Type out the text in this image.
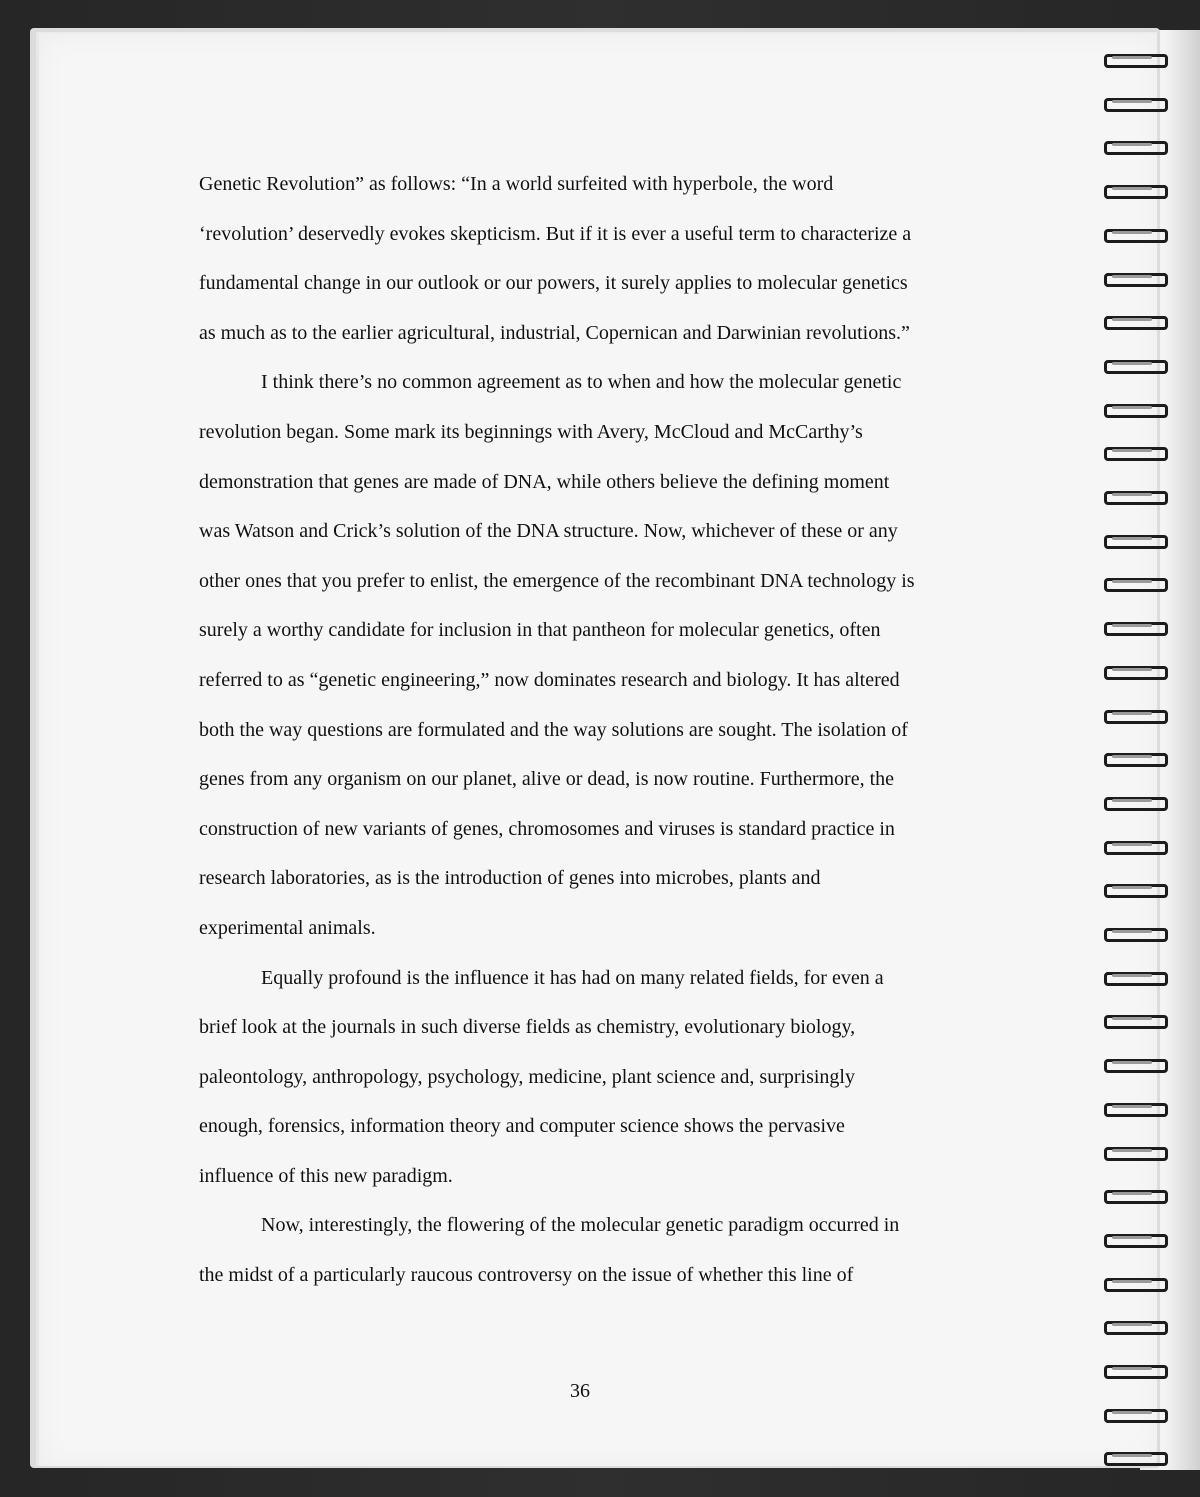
Genetic Revolution” as follows: “In a world surfeited with hyperbole, the word
‘revolution’ deservedly evokes skepticism. But if it is ever a useful term to characterize a
fundamental change in our outlook or our powers, it surely applies to molecular genetics
as much as to the earlier agricultural, industrial, Copernican and Darwinian revolutions.”
I think there’s no common agreement as to when and how the molecular genetic
revolution began. Some mark its beginnings with Avery, McCloud and McCarthy’s
demonstration that genes are made of DNA, while others believe the defining moment
was Watson and Crick’s solution of the DNA structure. Now, whichever of these or any
other ones that you prefer to enlist, the emergence of the recombinant DNA technology is
surely a worthy candidate for inclusion in that pantheon for molecular genetics, often
referred to as “genetic engineering,” now dominates research and biology. It has altered
both the way questions are formulated and the way solutions are sought. The isolation of
genes from any organism on our planet, alive or dead, is now routine. Furthermore, the
construction of new variants of genes, chromosomes and viruses is standard practice in
research laboratories, as is the introduction of genes into microbes, plants and
experimental animals.
Equally profound is the influence it has had on many related fields, for even a
brief look at the journals in such diverse fields as chemistry, evolutionary biology,
paleontology, anthropology, psychology, medicine, plant science and, surprisingly
enough, forensics, information theory and computer science shows the pervasive
influence of this new paradigm.
Now, interestingly, the flowering of the molecular genetic paradigm occurred in
the midst of a particularly raucous controversy on the issue of whether this line of
36
